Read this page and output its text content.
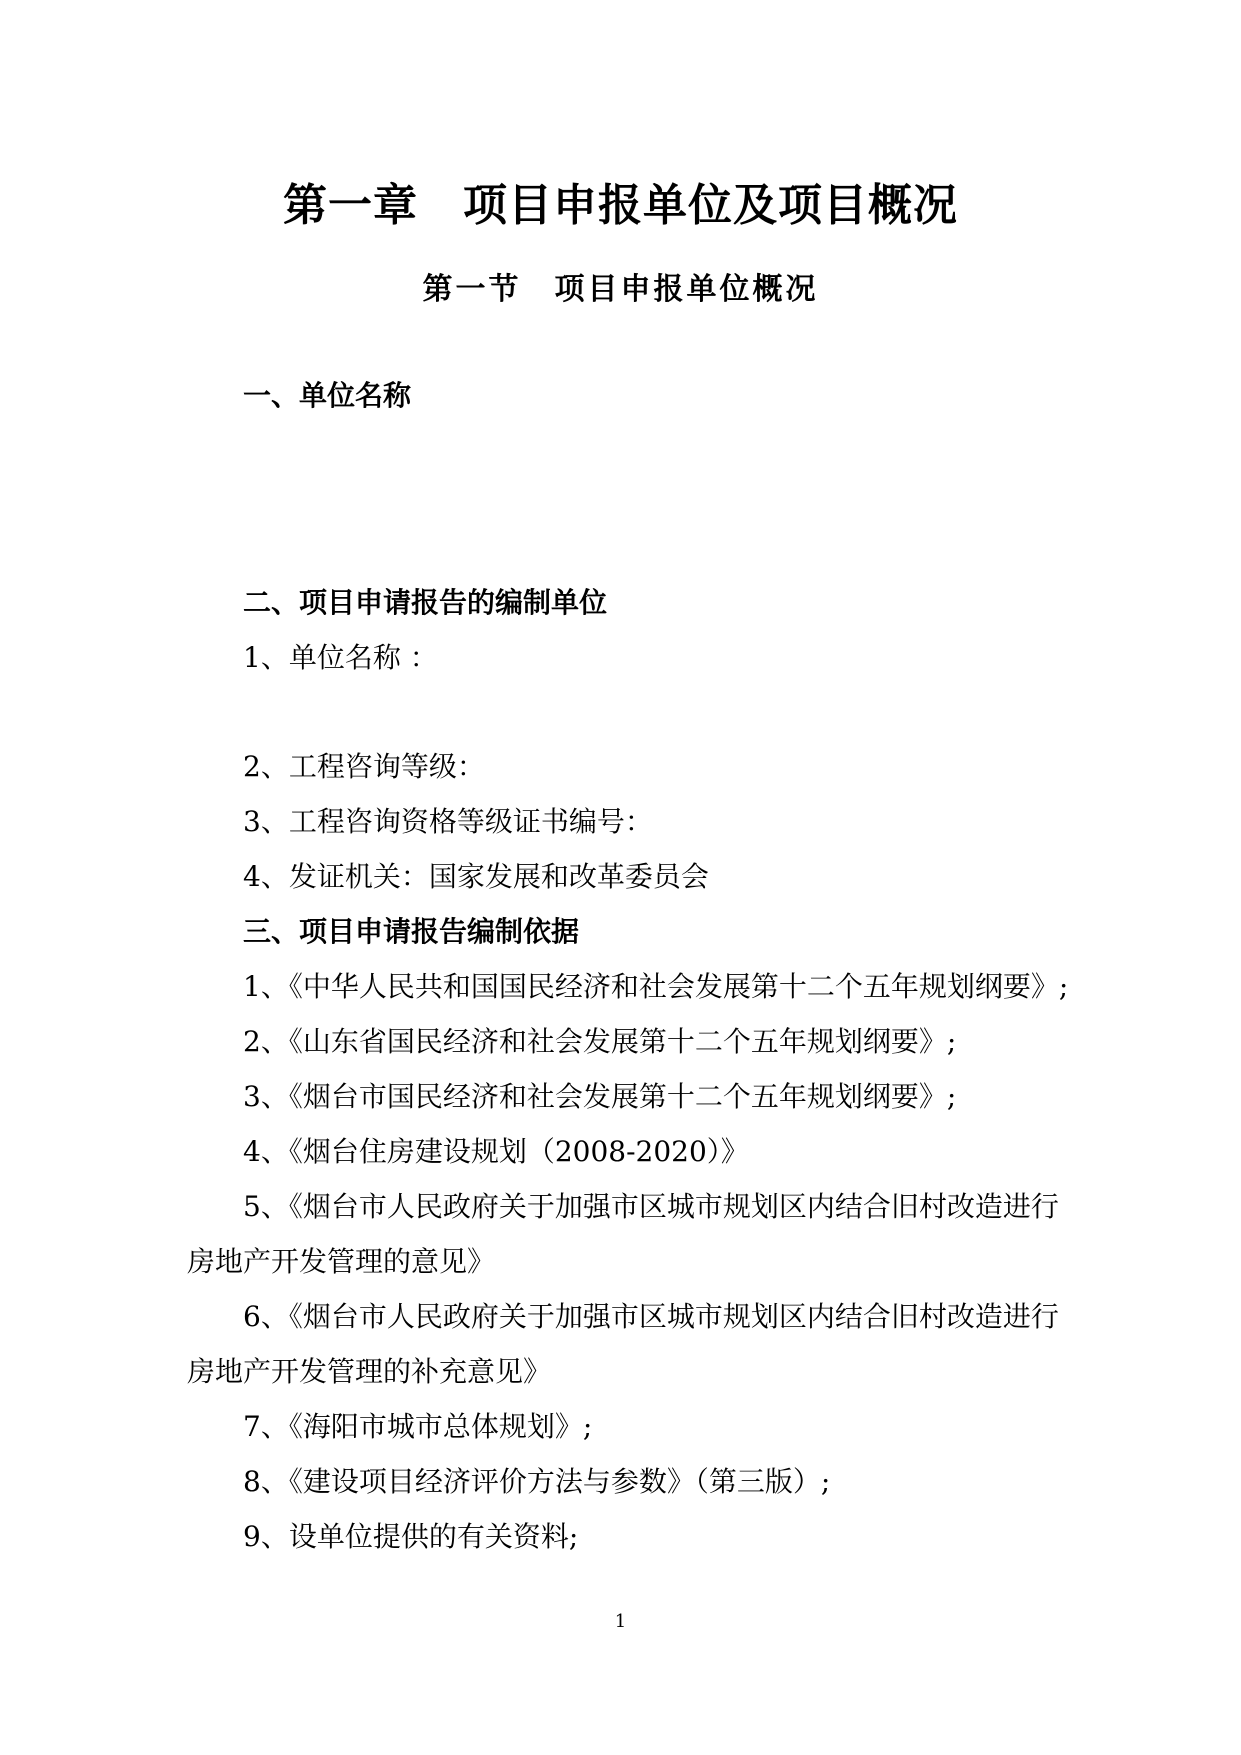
第一章　项目申报单位及项目概况
第一节　项目申报单位概况
一、单位名称
二、项目申请报告的编制单位
1、单位名称 ：
2、工程咨询等级：
3、工程咨询资格等级证书编号：
4、发证机关：国家发展和改革委员会
三、项目申请报告编制依据
1、《中华人民共和国国民经济和社会发展第十二个五年规划纲要》;
2、《山东省国民经济和社会发展第十二个五年规划纲要》;
3、《烟台市国民经济和社会发展第十二个五年规划纲要》;
4、《烟台住房建设规划（2008-2020）》
5、《烟台市人民政府关于加强市区城市规划区内结合旧村改造进行
房地产开发管理的意见》
6、《烟台市人民政府关于加强市区城市规划区内结合旧村改造进行
房地产开发管理的补充意见》
7、《海阳市城市总体规划》;
8、《建设项目经济评价方法与参数》（第三版）;
9、设单位提供的有关资料;
1
